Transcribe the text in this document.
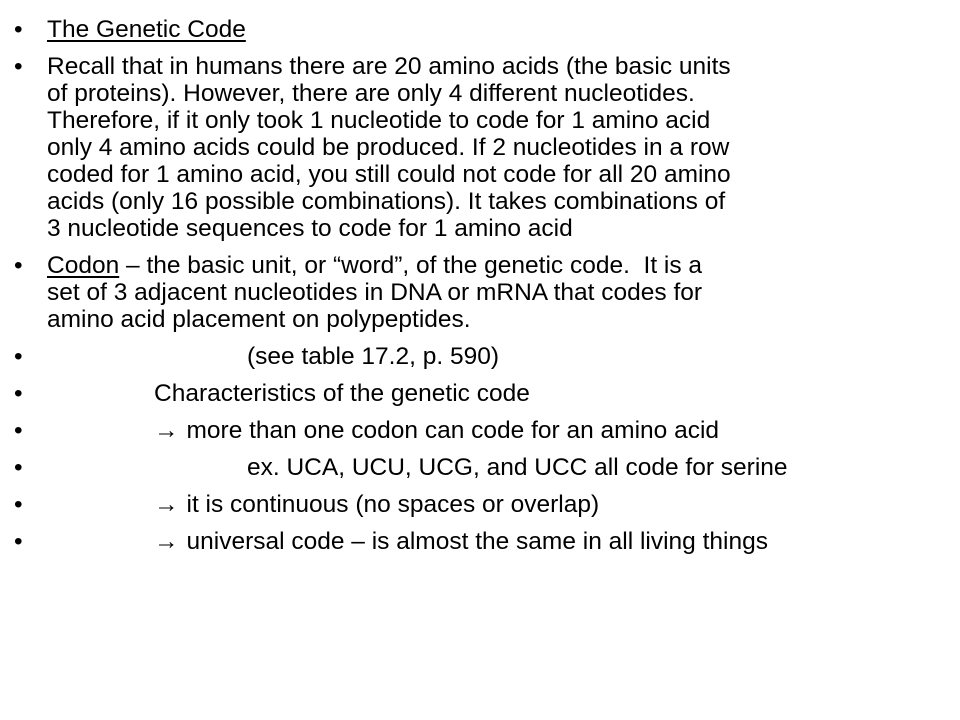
• The Genetic Code
• Recall that in humans there are 20 amino acids (the basic units
of proteins). However, there are only 4 different nucleotides.
Therefore, if it only took 1 nucleotide to code for 1 amino acid
only 4 amino acids could be produced. If 2 nucleotides in a row
coded for 1 amino acid, you still could not code for all 20 amino
acids (only 16 possible combinations). It takes combinations of
3 nucleotide sequences to code for 1 amino acid
• Codon – the basic unit, or “word”, of the genetic code.  It is a
set of 3 adjacent nucleotides in DNA or mRNA that codes for
amino acid placement on polypeptides.
•	(see table 17.2, p. 590)
•	Characteristics of the genetic code
•	→ more than one codon can code for an amino acid
•	ex. UCA, UCU, UCG, and UCC all code for serine
•	→ it is continuous (no spaces or overlap)
•	→ universal code – is almost the same in all living things
